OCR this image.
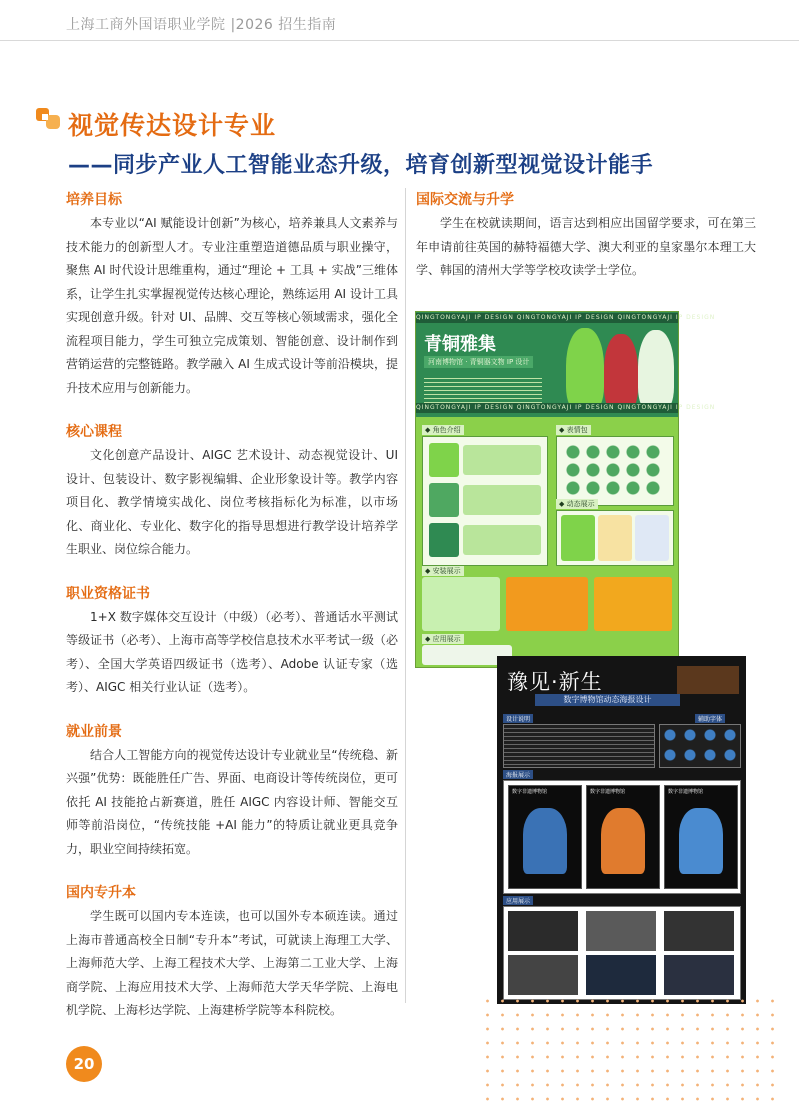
上海工商外国语职业学院 |2026 招生指南
视觉传达设计专业
——同步产业人工智能业态升级，培育创新型视觉设计能手
培养目标

本专业以“AI 赋能设计创新”为核心，培养兼具人文素养与技术能力的创新型人才。专业注重塑造道德品质与职业操守，聚焦 AI 时代设计思维重构，通过“理论 + 工具 + 实战”三维体系，让学生扎实掌握视觉传达核心理论，熟练运用 AI 设计工具实现创意升级。针对 UI、品牌、交互等核心领域需求，强化全流程项目能力，学生可独立完成策划、智能创意、设计制作到营销运营的完整链路。教学融入 AI 生成式设计等前沿模块，提升技术应用与创新能力。

核心课程

文化创意产品设计、AIGC 艺术设计、动态视觉设计、UI 设计、包装设计、数字影视编辑、企业形象设计等。教学内容项目化、教学情境实战化、岗位考核指标化为标准，以市场化、商业化、专业化、数字化的指导思想进行教学设计培养学生职业、岗位综合能力。

职业资格证书

1+X 数字媒体交互设计（中级）（必考）、普通话水平测试等级证书（必考）、上海市高等学校信息技术水平考试一级（必考）、全国大学英语四级证书（选考）、Adobe 认证专家（选考）、AIGC 相关行业认证（选考）。

就业前景

结合人工智能方向的视觉传达设计专业就业呈“传统稳、新兴强”优势：既能胜任广告、界面、电商设计等传统岗位，更可依托 AI 技能抢占新赛道，胜任 AIGC 内容设计师、智能交互师等前沿岗位，“传统技能 +AI 能力”的特质让就业更具竞争力，职业空间持续拓宽。

国内专升本

学生既可以国内专本连读，也可以国外专本硕连读。通过上海市普通高校全日制“专升本”考试，可就读上海理工大学、上海师范大学、上海工程技术大学、上海第二工业大学、上海商学院、上海应用技术大学、上海师范大学天华学院、上海电机学院、上海杉达学院、上海建桥学院等本科院校。

国际交流与升学

学生在校就读期间，语言达到相应出国留学要求，可在第三年申请前往英国的赫特福德大学、澳大利亚的皇家墨尔本理工大学、韩国的清州大学等学校攻读学士学位。

QINGTONGYAJI IP DESIGN QINGTONGYAJI IP DESIGN QINGTONGYAJI IP DESIGN
青铜雅集
河南博物馆 · 青铜器文物 IP 设计
QINGTONGYAJI IP DESIGN QINGTONGYAJI IP DESIGN QINGTONGYAJI IP DESIGN
◆ 角色介绍	◆ 表情包
◆ 动态展示
◆ 安装展示
◆ 应用展示
豫见·新生
数字博物馆动态海报设计
设计说明	辅助字体
海报展示
数字非遗博物馆	数字非遗博物馆	数字非遗博物馆
应用展示
20
